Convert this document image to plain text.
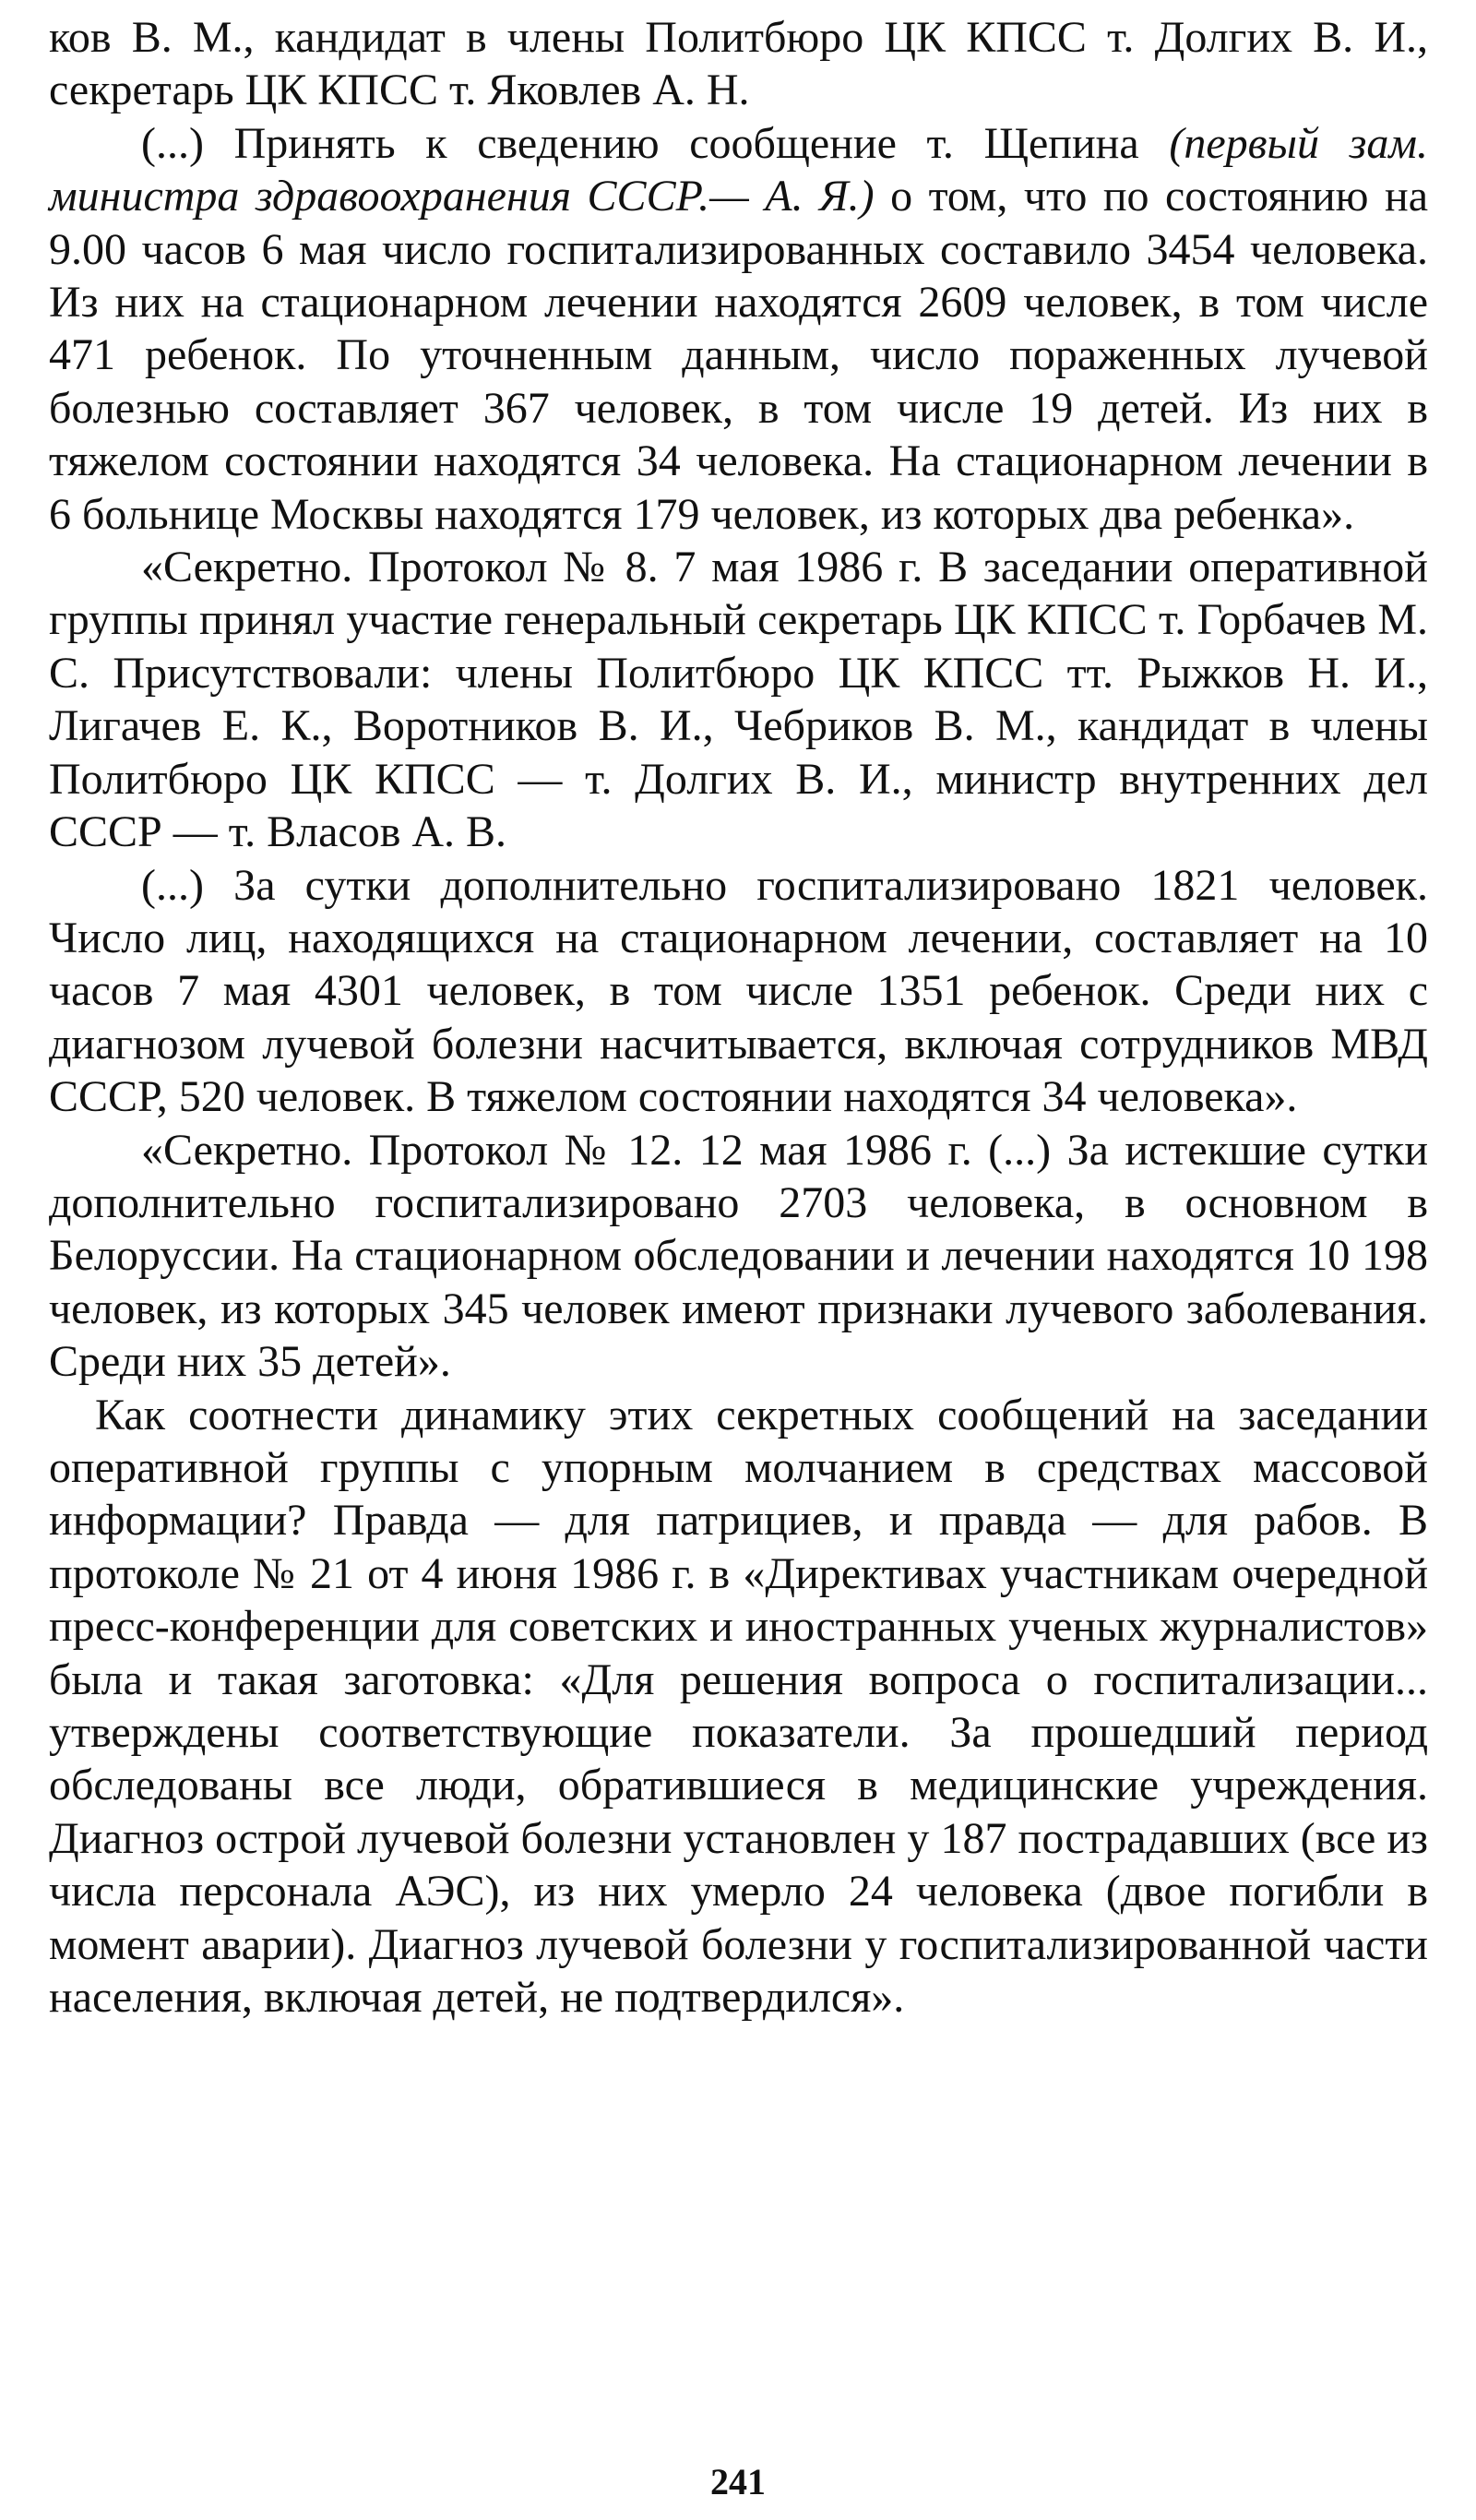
ков В. М., кандидат в члены Политбюро ЦК КПСС т. Долгих В. И., секретарь ЦК КПСС т. Яковлев А. Н.

(...) Принять к сведению сообщение т. Щепина (первый зам. министра здравоохранения СССР.— А. Я.) о том, что по состоянию на 9.00 часов 6 мая число госпитализированных составило 3454 человека. Из них на стационарном лечении находятся 2609 человек, в том числе 471 ребенок. По уточненным данным, число пораженных лучевой болезнью составляет 367 человек, в том числе 19 детей. Из них в тяжелом состоянии находятся 34 человека. На стационарном лечении в 6 больнице Москвы находятся 179 человек, из которых два ребенка».

«Секретно. Протокол № 8. 7 мая 1986 г. В заседании оперативной группы принял участие генеральный секретарь ЦК КПСС т. Горбачев М. С. Присутствовали: члены Политбюро ЦК КПСС тт. Рыжков Н. И., Лигачев Е. К., Воротников В. И., Чебриков В. М., кандидат в члены Политбюро ЦК КПСС — т. Долгих В. И., министр внутренних дел СССР — т. Власов А. В.

(...) За сутки дополнительно госпитализировано 1821 человек. Число лиц, находящихся на стационарном лечении, составляет на 10 часов 7 мая 4301 человек, в том числе 1351 ребенок. Среди них с диагнозом лучевой болезни насчитывается, включая сотрудников МВД СССР, 520 человек. В тяжелом состоянии находятся 34 человека».

«Секретно. Протокол № 12. 12 мая 1986 г. (...) За истекшие сутки дополнительно госпитализировано 2703 человека, в основном в Белоруссии. На стационарном обследовании и лечении находятся 10 198 человек, из которых 345 человек имеют признаки лучевого заболевания. Среди них 35 детей».

Как соотнести динамику этих секретных сообщений на заседании оперативной группы с упорным молчанием в средствах массовой информации? Правда — для патрициев, и правда — для рабов. В протоколе № 21 от 4 июня 1986 г. в «Директивах участникам очередной пресс-конференции для советских и иностранных ученых журналистов» была и такая заготовка: «Для решения вопроса о госпитализации... утверждены соответствующие показатели. За прошедший период обследованы все люди, обратившиеся в медицинские учреждения. Диагноз острой лучевой болезни установлен у 187 пострадавших (все из числа персонала АЭС), из них умерло 24 человека (двое погибли в момент аварии). Диагноз лучевой болезни у госпитализированной части населения, включая детей, не подтвердился».

241
